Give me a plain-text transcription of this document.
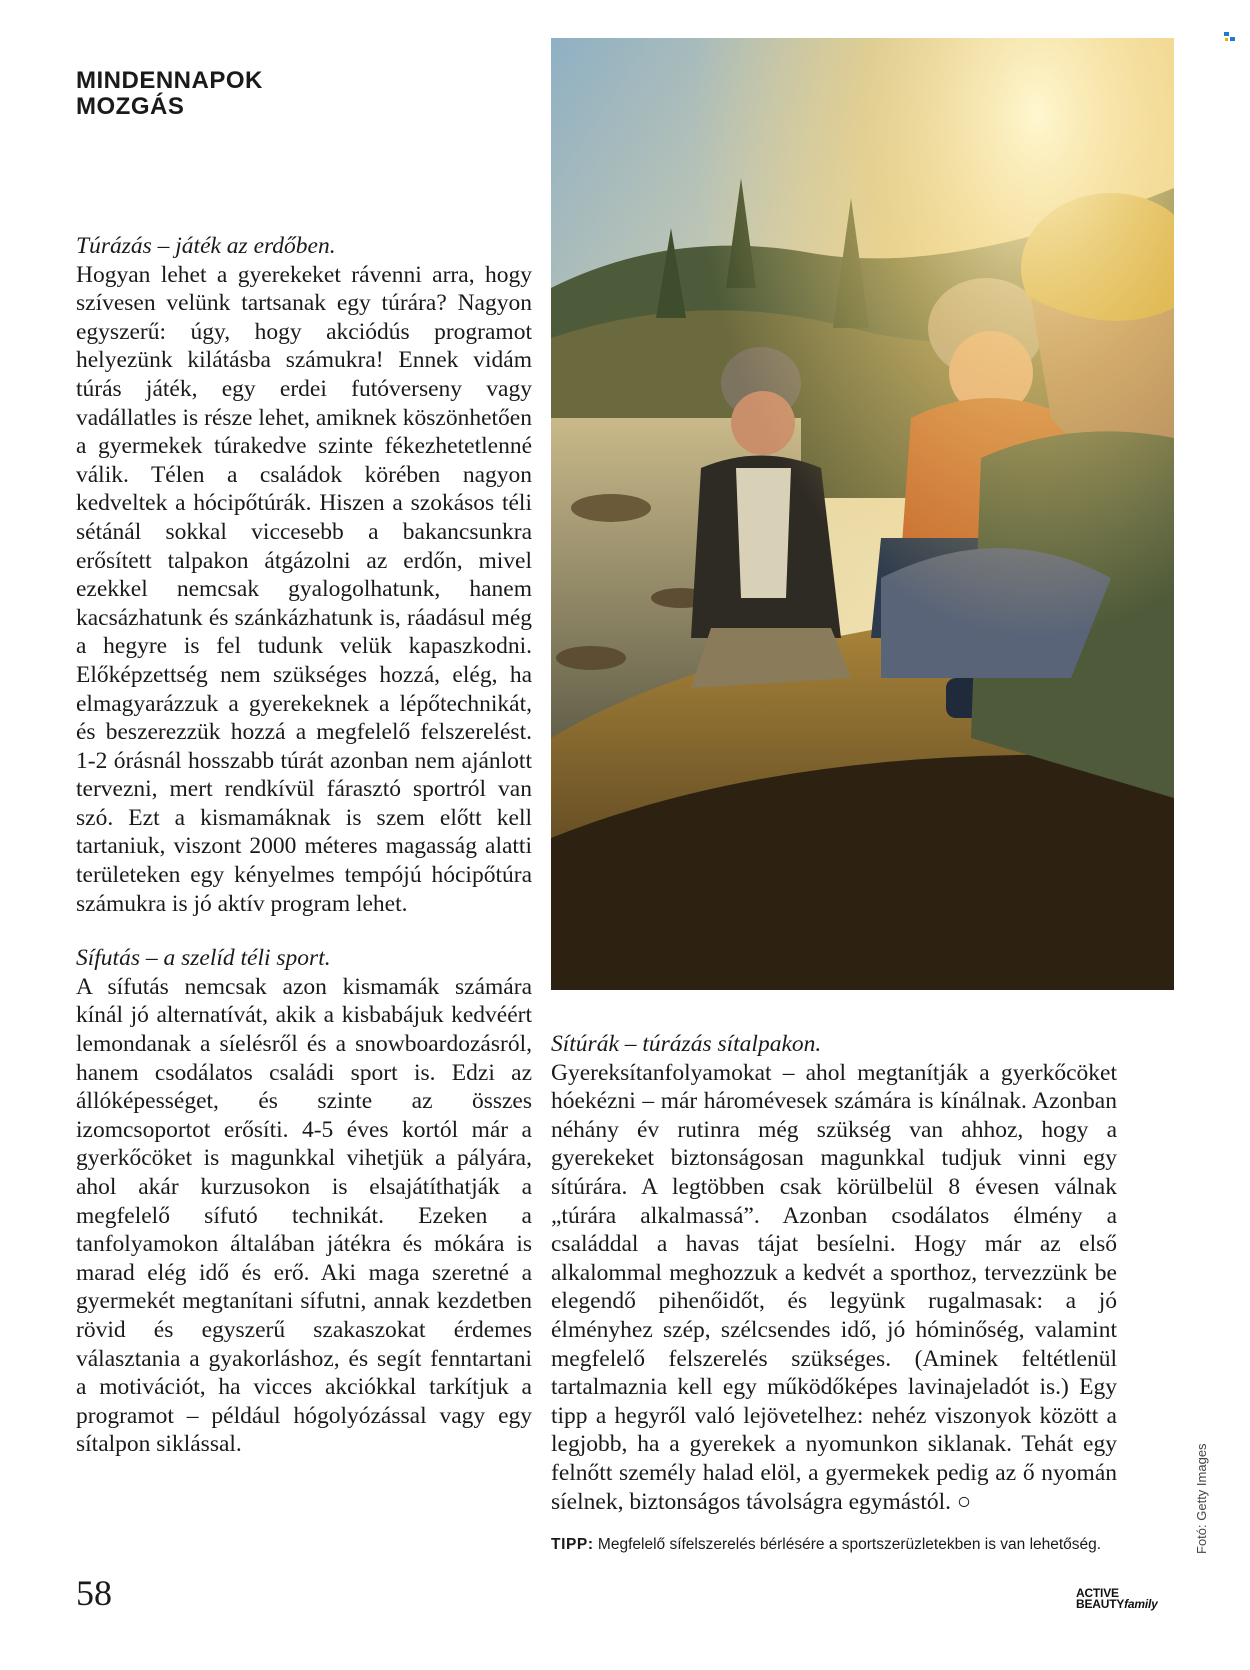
MINDENNAPOK
MOZGÁS

Túrázás – játék az erdőben.

Hogyan lehet a gyerekeket rávenni arra, hogy szívesen velünk tartsanak egy túrára? Nagyon egyszerű: úgy, hogy akciódús programot helyezünk kilátásba számukra! Ennek vidám túrás játék, egy erdei futóverseny vagy vadállatles is része lehet, amiknek köszönhetően a gyermekek túrakedve szinte fékezhetetlenné válik. Télen a családok körében nagyon kedveltek a hócipőtúrák. Hiszen a szokásos téli sétánál sokkal viccesebb a bakancsunkra erősített talpakon átgázolni az erdőn, mivel ezekkel nemcsak gyalogolhatunk, hanem kacsázhatunk és szánkázhatunk is, ráadásul még a hegyre is fel tudunk velük kapaszkodni. Előképzettség nem szükséges hozzá, elég, ha elmagyarázzuk a gyerekeknek a lépőtechnikát, és beszerezzük hozzá a megfelelő felszerelést. 1-2 órásnál hosszabb túrát azonban nem ajánlott tervezni, mert rendkívül fárasztó sportról van szó. Ezt a kismamáknak is szem előtt kell tartaniuk, viszont 2000 méteres magasság alatti területeken egy kényelmes tempójú hócipőtúra számukra is jó aktív program lehet.

Sífutás – a szelíd téli sport.

A sífutás nemcsak azon kismamák számára kínál jó alternatívát, akik a kisbabájuk kedvéért lemondanak a síelésről és a snowboardozásról, hanem csodálatos családi sport is. Edzi az állóképességet, és szinte az összes izomcsoportot erősíti. 4-5 éves kortól már a gyerkőcöket is magunkkal vihetjük a pályára, ahol akár kurzusokon is elsajátíthatják a megfelelő sífutó technikát. Ezeken a tanfolyamokon általában játékra és mókára is marad elég idő és erő. Aki maga szeretné a gyermekét megtanítani sífutni, annak kezdetben rövid és egyszerű szakaszokat érdemes választania a gyakorláshoz, és segít fenntartani a motivációt, ha vicces akciókkal tarkítjuk a programot – például hógolyózással vagy egy sítalpon siklással.

Sítúrák – túrázás sítalpakon.

Gyereksítanfolyamokat – ahol megtanítják a gyerkőcöket hóekézni – már háromévesek számára is kínálnak. Azonban néhány év rutinra még szükség van ahhoz, hogy a gyerekeket biztonságosan magunkkal tudjuk vinni egy sítúrára. A legtöbben csak körülbelül 8 évesen válnak „túrára alkalmassá”. Azonban csodálatos élmény a családdal a havas tájat besíelni. Hogy már az első alkalommal meghozzuk a kedvét a sporthoz, tervezzünk be elegendő pihenőidőt, és legyünk rugalmasak: a jó élményhez szép, szélcsendes idő, jó hóminőség, valamint megfelelő felszerelés szükséges. (Aminek feltétlenül tartalmaznia kell egy működőképes lavinajeladót is.) Egy tipp a hegyről való lejövetelhez: nehéz viszonyok között a legjobb, ha a gyerekek a nyomunkon siklanak. Tehát egy felnőtt személy halad elöl, a gyermekek pedig az ő nyomán síelnek, biztonságos távolságra egymástól. ○	Fotó: Getty Images
TIPP: Megfelelő sífelszerelés bérlésére a sportszerüzletekben is van lehetőség.
58	ACTIVE
BEAUTYfamily
